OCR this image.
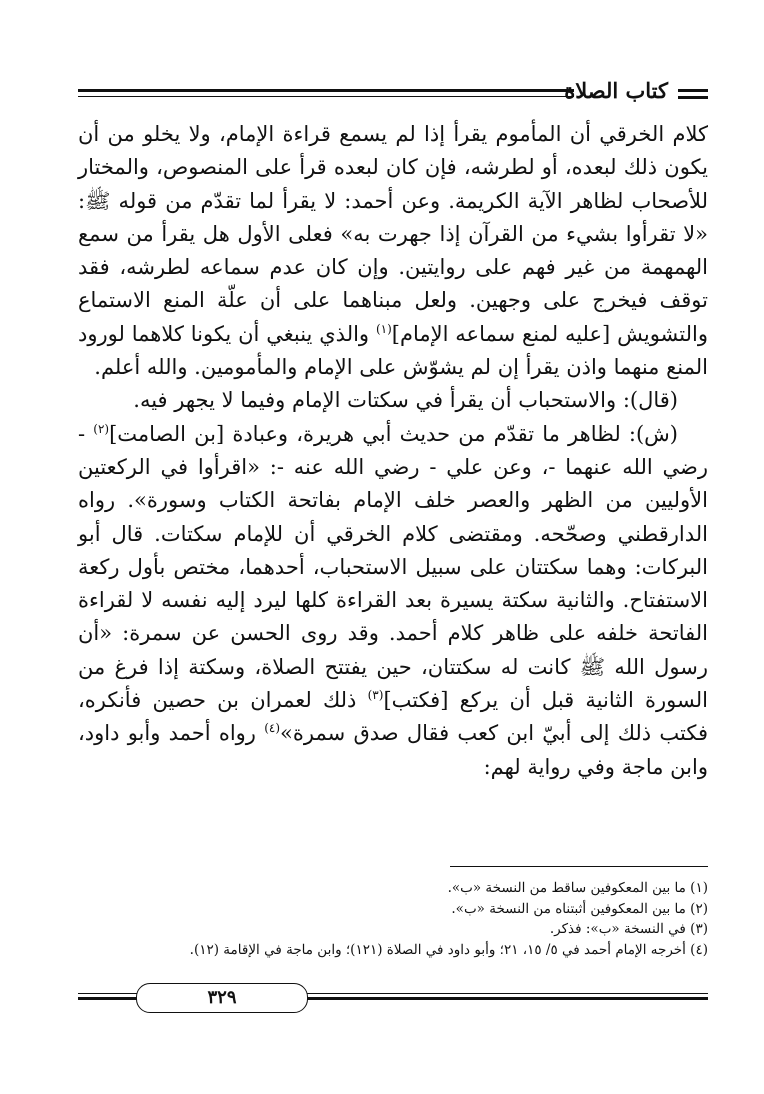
كتاب الصلاة

كلام الخرقي أن المأموم يقرأ إذا لم يسمع قراءة الإمام، ولا يخلو من أن يكون ذلك لبعده، أو لطرشه، فإن كان لبعده قرأ على المنصوص، والمختار للأصحاب لظاهر الآية الكريمة. وعن أحمد: لا يقرأ لما تقدّم من قوله ﷺ: «لا تقرأوا بشيء من القرآن إذا جهرت به» فعلى الأول هل يقرأ من سمع الهمهمة من غير فهم على روايتين. وإن كان عدم سماعه لطرشه، فقد توقف فيخرج على وجهين. ولعل مبناهما على أن علّة المنع الاستماع والتشويش [عليه لمنع سماعه الإمام]$^{(١)}$ والذي ينبغي أن يكونا كلاهما لورود المنع منهما واذن يقرأ إن لم يشوّش على الإمام والمأمومين. والله أعلم.

(قال): والاستحباب أن يقرأ في سكتات الإمام وفيما لا يجهر فيه.

(ش): لظاهر ما تقدّم من حديث أبي هريرة، وعبادة [بن الصامت]$^{(٢)}$ - رضي الله عنهما -، وعن علي - رضي الله عنه -: «اقرأوا في الركعتين الأوليين من الظهر والعصر خلف الإمام بفاتحة الكتاب وسورة». رواه الدارقطني وصحّحه. ومقتضى كلام الخرقي أن للإمام سكتات. قال أبو البركات: وهما سكتتان على سبيل الاستحباب، أحدهما، مختص بأول ركعة الاستفتاح. والثانية سكتة يسيرة بعد القراءة كلها ليرد إليه نفسه لا لقراءة الفاتحة خلفه على ظاهر كلام أحمد. وقد روى الحسن عن سمرة: «أن رسول الله ﷺ كانت له سكتتان، حين يفتتح الصلاة، وسكتة إذا فرغ من السورة الثانية قبل أن يركع [فكتب]$^{(٣)}$ ذلك لعمران بن حصين فأنكره، فكتب ذلك إلى أبيّ ابن كعب فقال صدق سمرة»$^{(٤)}$ رواه أحمد وأبو داود، وابن ماجة وفي رواية لهم:

(١) ما بين المعكوفين ساقط من النسخة «ب».
(٢) ما بين المعكوفين أثبتناه من النسخة «ب».
(٣) في النسخة «ب»: فذكر.
(٤) أخرجه الإمام أحمد في ٥/ ١٥، ٢١؛ وأبو داود في الصلاة (١٢١)؛ وابن ماجة في الإقامة (١٢).
٣٢٩
